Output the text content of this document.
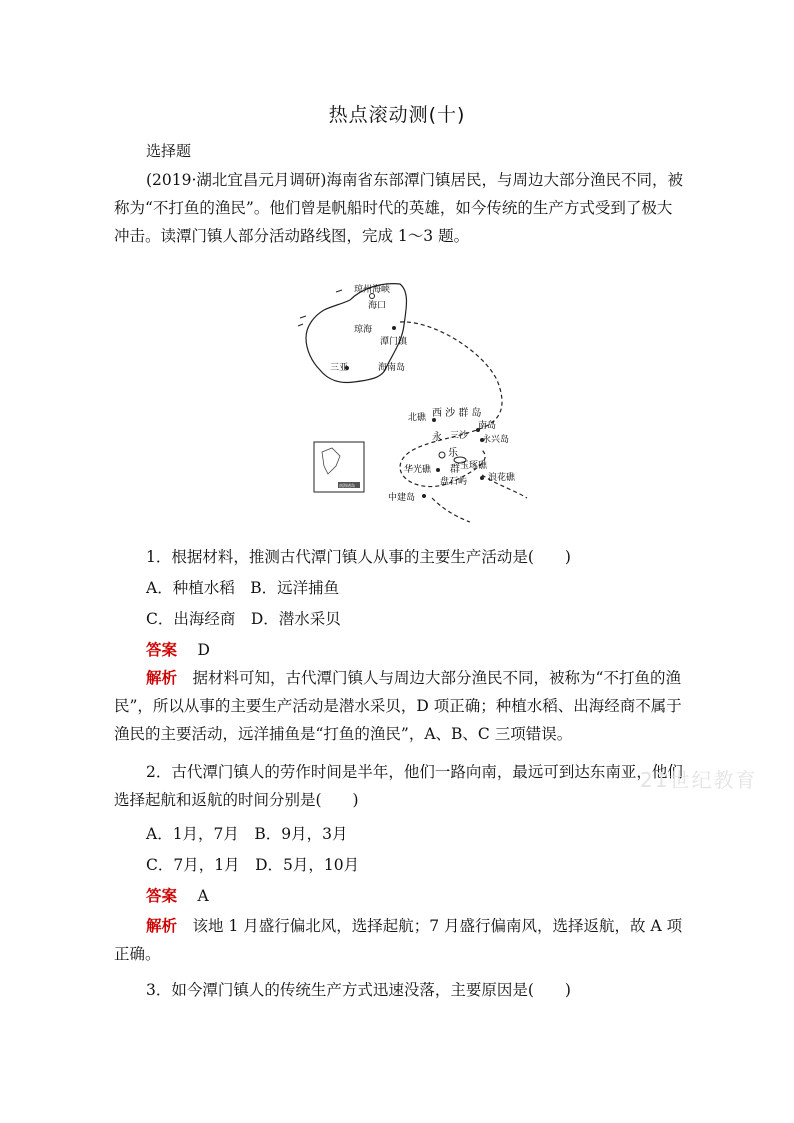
热点滚动测(十)
选择题
(2019·湖北宜昌元月调研)海南省东部潭门镇居民，与周边大部分渔民不同，被称为“不打鱼的渔民”。他们曾是帆船时代的英雄，如今传统的生产方式受到了极大冲击。读潭门镇人部分活动路线图，完成 1～3 题。
琼州海峡
海口
琼海
潭门镇
三亚	海南岛
北礁 西 沙 群 岛
南岛
三沙 永兴岛
永
乐
群
华光礁	玉琢礁
盘石屿 浪花礁
中建岛
南海诸岛
1．根据材料，推测古代潭门镇人从事的主要生产活动是(　　)
A．种植水稻　B．远洋捕鱼
C．出海经商　D．潜水采贝
答案　 D
解析　 据材料可知，古代潭门镇人与周边大部分渔民不同，被称为“不打鱼的渔民”，所以从事的主要生产活动是潜水采贝，D 项正确；种植水稻、出海经商不属于渔民的主要活动，远洋捕鱼是“打鱼的渔民”，A、B、C 三项错误。
2．古代潭门镇人的劳作时间是半年，他们一路向南，最远可到达东南亚，他们选择起航和返航的时间分别是(　　)
A．1月，7月　B．9月，3月
C．7月，1月　D．5月，10月
答案　 A
解析　 该地 1 月盛行偏北风，选择起航；7 月盛行偏南风，选择返航，故 A 项正确。
3．如今潭门镇人的传统生产方式迅速没落，主要原因是(　　)
21世纪教育
